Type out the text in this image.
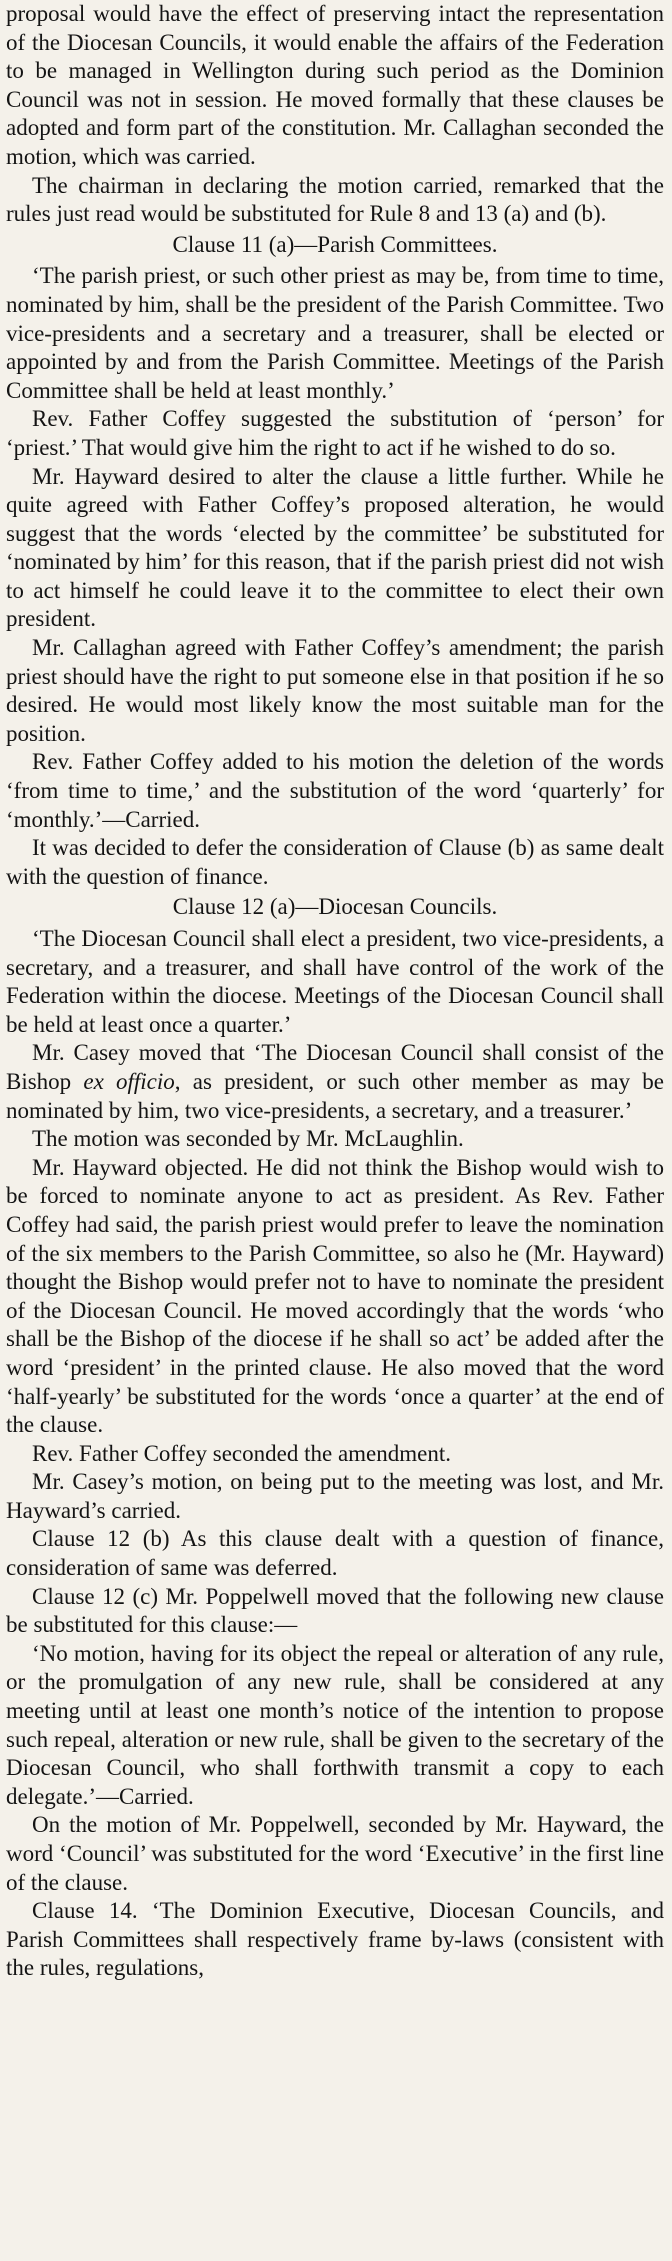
proposal would have the effect of preserving intact the representation of the Diocesan Councils, it would enable the affairs of the Federation to be managed in Wellington during such period as the Dominion Council was not in session. He moved formally that these clauses be adopted and form part of the constitution. Mr. Callaghan seconded the motion, which was carried.

The chairman in declaring the motion carried, remarked that the rules just read would be substituted for Rule 8 and 13 (a) and (b).

Clause 11 (a)—Parish Committees.

‘The parish priest, or such other priest as may be, from time to time, nominated by him, shall be the president of the Parish Committee. Two vice-presidents and a secretary and a treasurer, shall be elected or appointed by and from the Parish Committee. Meetings of the Parish Committee shall be held at least monthly.’

Rev. Father Coffey suggested the substitution of ‘person’ for ‘priest.’ That would give him the right to act if he wished to do so.

Mr. Hayward desired to alter the clause a little further. While he quite agreed with Father Coffey’s proposed alteration, he would suggest that the words ‘elected by the committee’ be substituted for ‘nominated by him’ for this reason, that if the parish priest did not wish to act himself he could leave it to the committee to elect their own president.

Mr. Callaghan agreed with Father Coffey’s amendment; the parish priest should have the right to put someone else in that position if he so desired. He would most likely know the most suitable man for the position.

Rev. Father Coffey added to his motion the deletion of the words ‘from time to time,’ and the substitution of the word ‘quarterly’ for ‘monthly.’—Carried.

It was decided to defer the consideration of Clause (b) as same dealt with the question of finance.

Clause 12 (a)—Diocesan Councils.

‘The Diocesan Council shall elect a president, two vice-presidents, a secretary, and a treasurer, and shall have control of the work of the Federation within the diocese. Meetings of the Diocesan Council shall be held at least once a quarter.’

Mr. Casey moved that ‘The Diocesan Council shall consist of the Bishop ex officio, as president, or such other member as may be nominated by him, two vice-presidents, a secretary, and a treasurer.’

The motion was seconded by Mr. McLaughlin.

Mr. Hayward objected. He did not think the Bishop would wish to be forced to nominate anyone to act as president. As Rev. Father Coffey had said, the parish priest would prefer to leave the nomination of the six members to the Parish Committee, so also he (Mr. Hayward) thought the Bishop would prefer not to have to nominate the president of the Diocesan Council. He moved accordingly that the words ‘who shall be the Bishop of the diocese if he shall so act’ be added after the word ‘president’ in the printed clause. He also moved that the word ‘half-yearly’ be substituted for the words ‘once a quarter’ at the end of the clause.

Rev. Father Coffey seconded the amendment.

Mr. Casey’s motion, on being put to the meeting was lost, and Mr. Hayward’s carried.

Clause 12 (b) As this clause dealt with a question of finance, consideration of same was deferred.

Clause 12 (c) Mr. Poppelwell moved that the following new clause be substituted for this clause:—

‘No motion, having for its object the repeal or alteration of any rule, or the promulgation of any new rule, shall be considered at any meeting until at least one month’s notice of the intention to propose such repeal, alteration or new rule, shall be given to the secretary of the Diocesan Council, who shall forthwith transmit a copy to each delegate.’—Carried.

On the motion of Mr. Poppelwell, seconded by Mr. Hayward, the word ‘Council’ was substituted for the word ‘Executive’ in the first line of the clause.

Clause 14. ‘The Dominion Executive, Diocesan Councils, and Parish Committees shall respectively frame by-laws (consistent with the rules, regulations,
